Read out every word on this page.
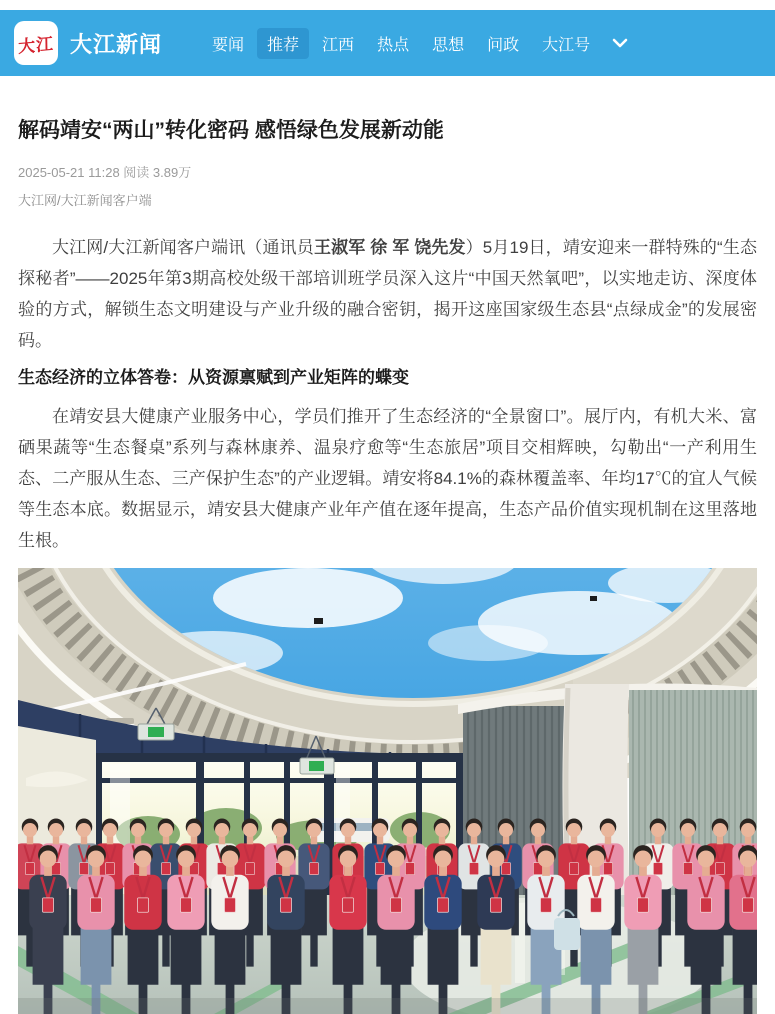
大江 大江新闻	要闻	推荐	江西	热点	思想	问政	大江号
解码靖安“两山”转化密码 感悟绿色发展新动能
2025-05-21 11:28 阅读 3.89万
大江网/大江新闻客户端

大江网/大江新闻客户端讯（通讯员王淑军 徐 军 饶先发）5月19日，靖安迎来一群特殊的“生态探秘者”——2025年第3期高校处级干部培训班学员深入这片“中国天然氧吧”，以实地走访、深度体验的方式，解锁生态文明建设与产业升级的融合密钥，揭开这座国家级生态县“点绿成金”的发展密码。

生态经济的立体答卷：从资源禀赋到产业矩阵的蝶变

在靖安县大健康产业服务中心，学员们推开了生态经济的“全景窗口”。展厅内，有机大米、富硒果蔬等“生态餐桌”系列与森林康养、温泉疗愈等“生态旅居”项目交相辉映，勾勒出“一产利用生态、二产服从生态、三产保护生态”的产业逻辑。靖安将84.1%的森林覆盖率、年均17℃的宜人气候等生态本底。数据显示，靖安县大健康产业年产值在逐年提高，生态产品价值实现机制在这里落地生根。
